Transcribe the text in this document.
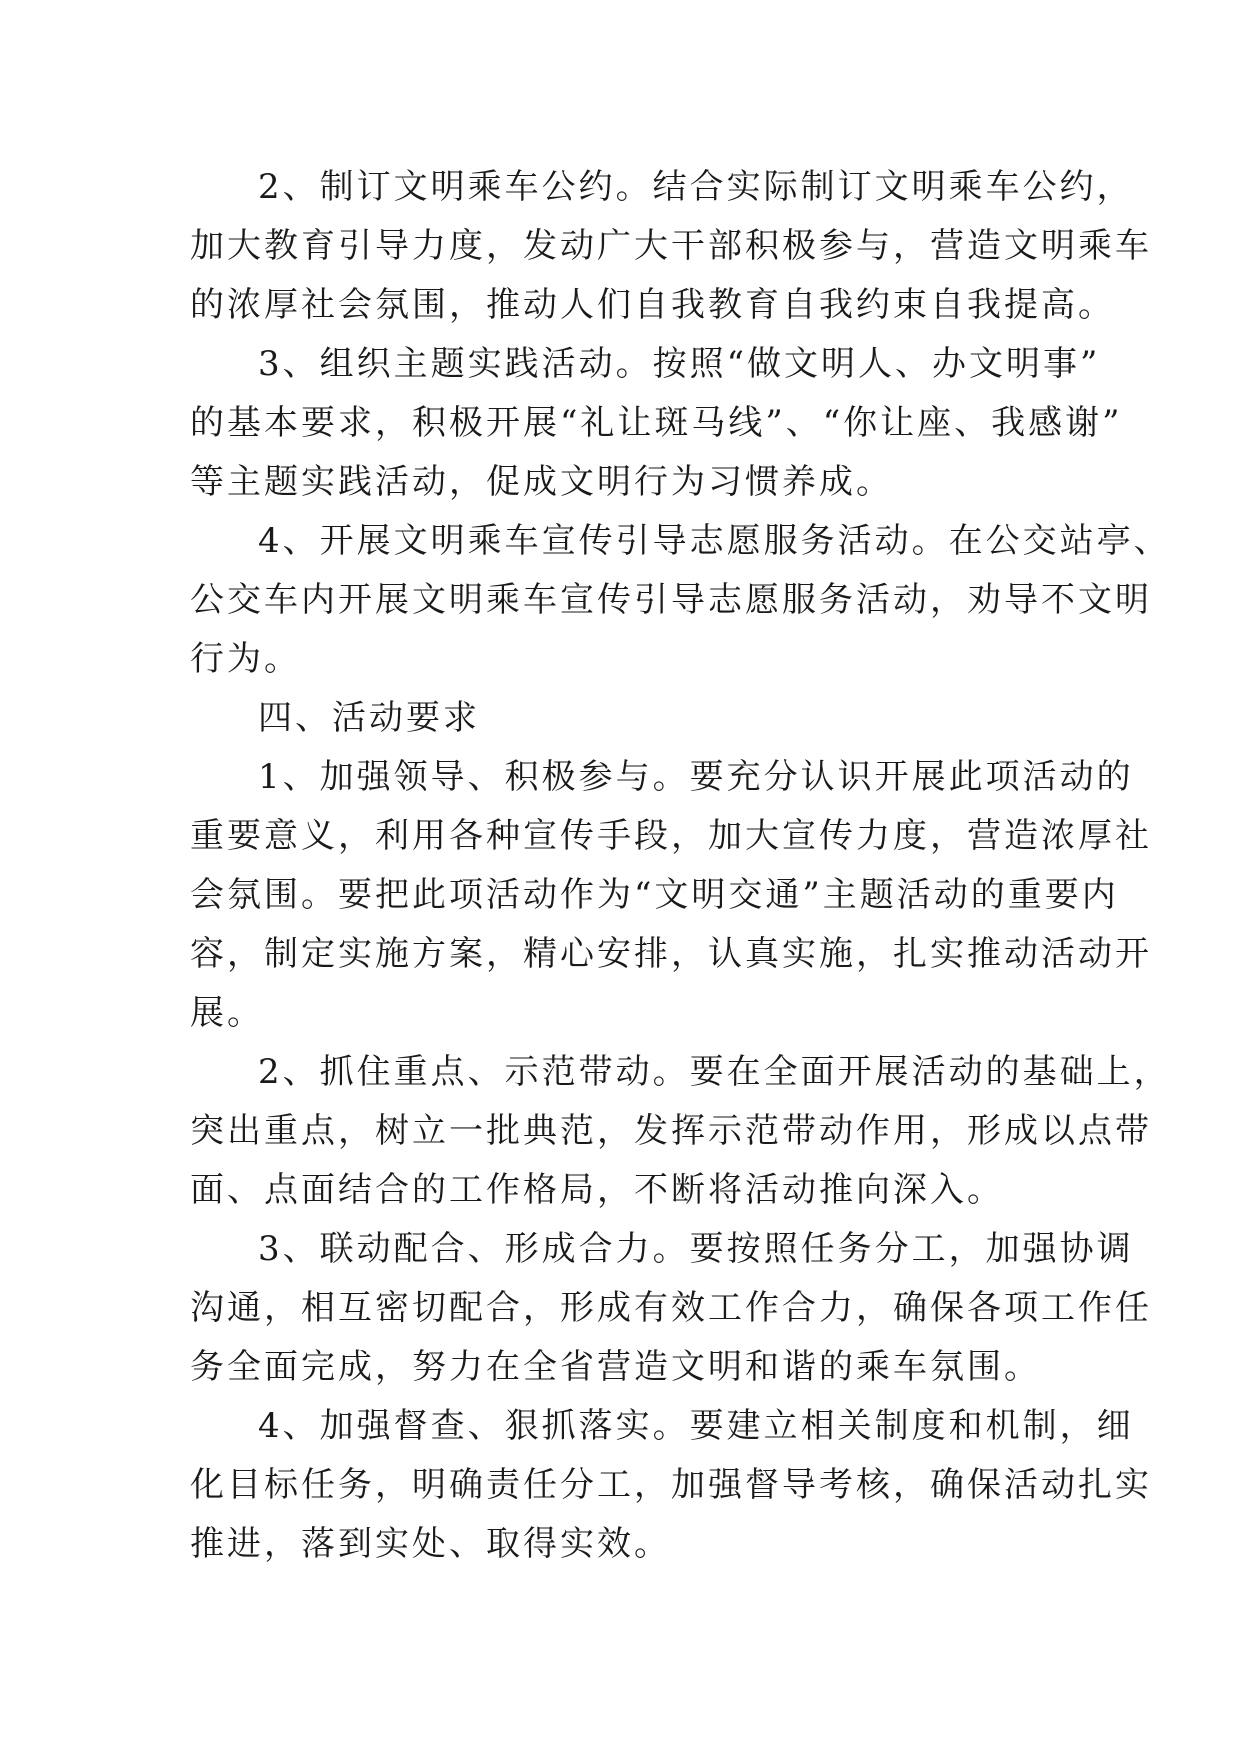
2、制订文明乘车公约。结合实际制订文明乘车公约，
加大教育引导力度，发动广大干部积极参与，营造文明乘车
的浓厚社会氛围，推动人们自我教育自我约束自我提高。

3、组织主题实践活动。按照“做文明人、办文明事”
的基本要求，积极开展“礼让斑马线”、“你让座、我感谢”
等主题实践活动，促成文明行为习惯养成。

4、开展文明乘车宣传引导志愿服务活动。在公交站亭、
公交车内开展文明乘车宣传引导志愿服务活动，劝导不文明
行为。

四、活动要求

1、加强领导、积极参与。要充分认识开展此项活动的
重要意义，利用各种宣传手段，加大宣传力度，营造浓厚社
会氛围。要把此项活动作为“文明交通”主题活动的重要内
容，制定实施方案，精心安排，认真实施，扎实推动活动开
展。

2、抓住重点、示范带动。要在全面开展活动的基础上，
突出重点，树立一批典范，发挥示范带动作用，形成以点带
面、点面结合的工作格局，不断将活动推向深入。

3、联动配合、形成合力。要按照任务分工，加强协调
沟通，相互密切配合，形成有效工作合力，确保各项工作任
务全面完成，努力在全省营造文明和谐的乘车氛围。

4、加强督查、狠抓落实。要建立相关制度和机制，细
化目标任务，明确责任分工，加强督导考核，确保活动扎实
推进，落到实处、取得实效。
